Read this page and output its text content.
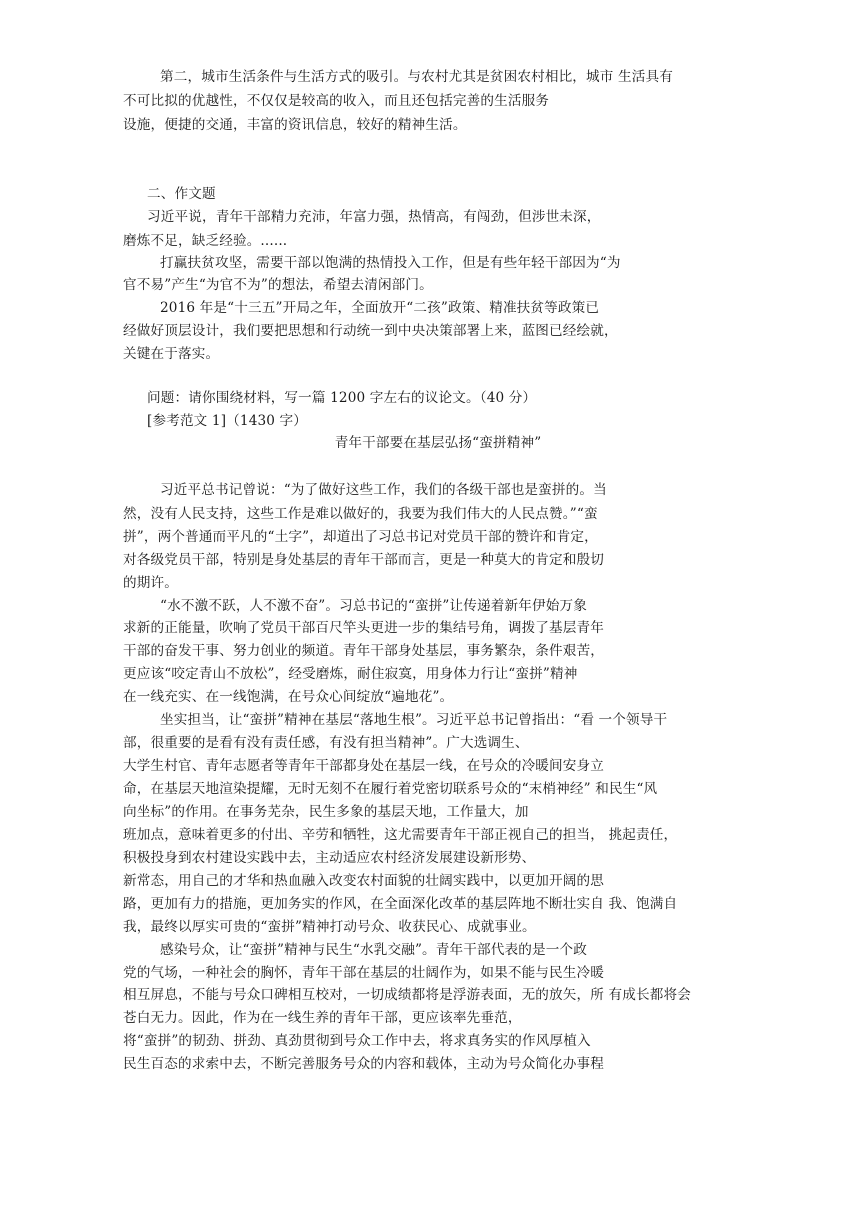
第二，城市生活条件与生活方式的吸引。与农村尤其是贫困农村相比，城市 生活具有
不可比拟的优越性，不仅仅是较高的收入，而且还包括完善的生活服务
设施，便捷的交通，丰富的资讯信息，较好的精神生活。
二、作文题
习近平说，青年干部精力充沛，年富力强，热情高，有闯劲，但涉世未深，
磨炼不足，缺乏经验。......
打赢扶贫攻坚，需要干部以饱满的热情投入工作，但是有些年轻干部因为“为
官不易”产生“为官不为”的想法，希望去清闲部门。
2016 年是“十三五”开局之年，全面放开“二孩”政策、精准扶贫等政策已
经做好顶层设计，我们要把思想和行动统一到中央决策部署上来，蓝图已经绘就，
关键在于落实。
问题：请你围绕材料，写一篇 1200 字左右的议论文。（40 分）
[参考范文 1]（1430 字）
青年干部要在基层弘扬“蛮拼精神”
习近平总书记曾说：“为了做好这些工作，我们的各级干部也是蛮拼的。当
然，没有人民支持，这些工作是难以做好的，我要为我们伟大的人民点赞。”“蛮
拼”，两个普通而平凡的“土字”，却道出了习总书记对党员干部的赞许和肯定，
对各级党员干部，特别是身处基层的青年干部而言，更是一种莫大的肯定和殷切
的期许。
“水不激不跃，人不激不奋”。习总书记的“蛮拼”让传递着新年伊始万象
求新的正能量，吹响了党员干部百尺竿头更进一步的集结号角，调拨了基层青年
干部的奋发干事、努力创业的频道。青年干部身处基层，事务繁杂，条件艰苦，
更应该“咬定青山不放松”，经受磨炼，耐住寂寞，用身体力行让“蛮拼”精神
在一线充实、在一线饱满，在号众心间绽放“遍地花”。
坐实担当，让“蛮拼”精神在基层“落地生根”。习近平总书记曾指出：“看 一个领导干
部，很重要的是看有没有责任感，有没有担当精神”。广大选调生、
大学生村官、青年志愿者等青年干部都身处在基层一线，在号众的冷暖间安身立
命，在基层天地渲染提耀，无时无刻不在履行着党密切联系号众的“末梢神经” 和民生“风
向坐标”的作用。在事务芜杂，民生多象的基层天地，工作量大，加
班加点，意味着更多的付出、辛劳和牺牲，这尤需要青年干部正视自己的担当， 挑起责任，
积极投身到农村建设实践中去，主动适应农村经济发展建设新形势、
新常态，用自己的才华和热血融入改变农村面貌的壮阔实践中，以更加开阔的思
路，更加有力的措施，更加务实的作风，在全面深化改革的基层阵地不断壮实自 我、饱满自
我，最终以厚实可贵的“蛮拼”精神打动号众、收获民心、成就事业。
感染号众，让“蛮拼”精神与民生“水乳交融”。青年干部代表的是一个政
党的气场，一种社会的胸怀，青年干部在基层的壮阔作为，如果不能与民生冷暖
相互屏息，不能与号众口碑相互校对，一切成绩都将是浮游表面，无的放矢，所 有成长都将会
苍白无力。因此，作为在一线生养的青年干部，更应该率先垂范，
将“蛮拼”的韧劲、拼劲、真劲贯彻到号众工作中去，将求真务实的作风厚植入
民生百态的求索中去，不断完善服务号众的内容和载体，主动为号众简化办事程
